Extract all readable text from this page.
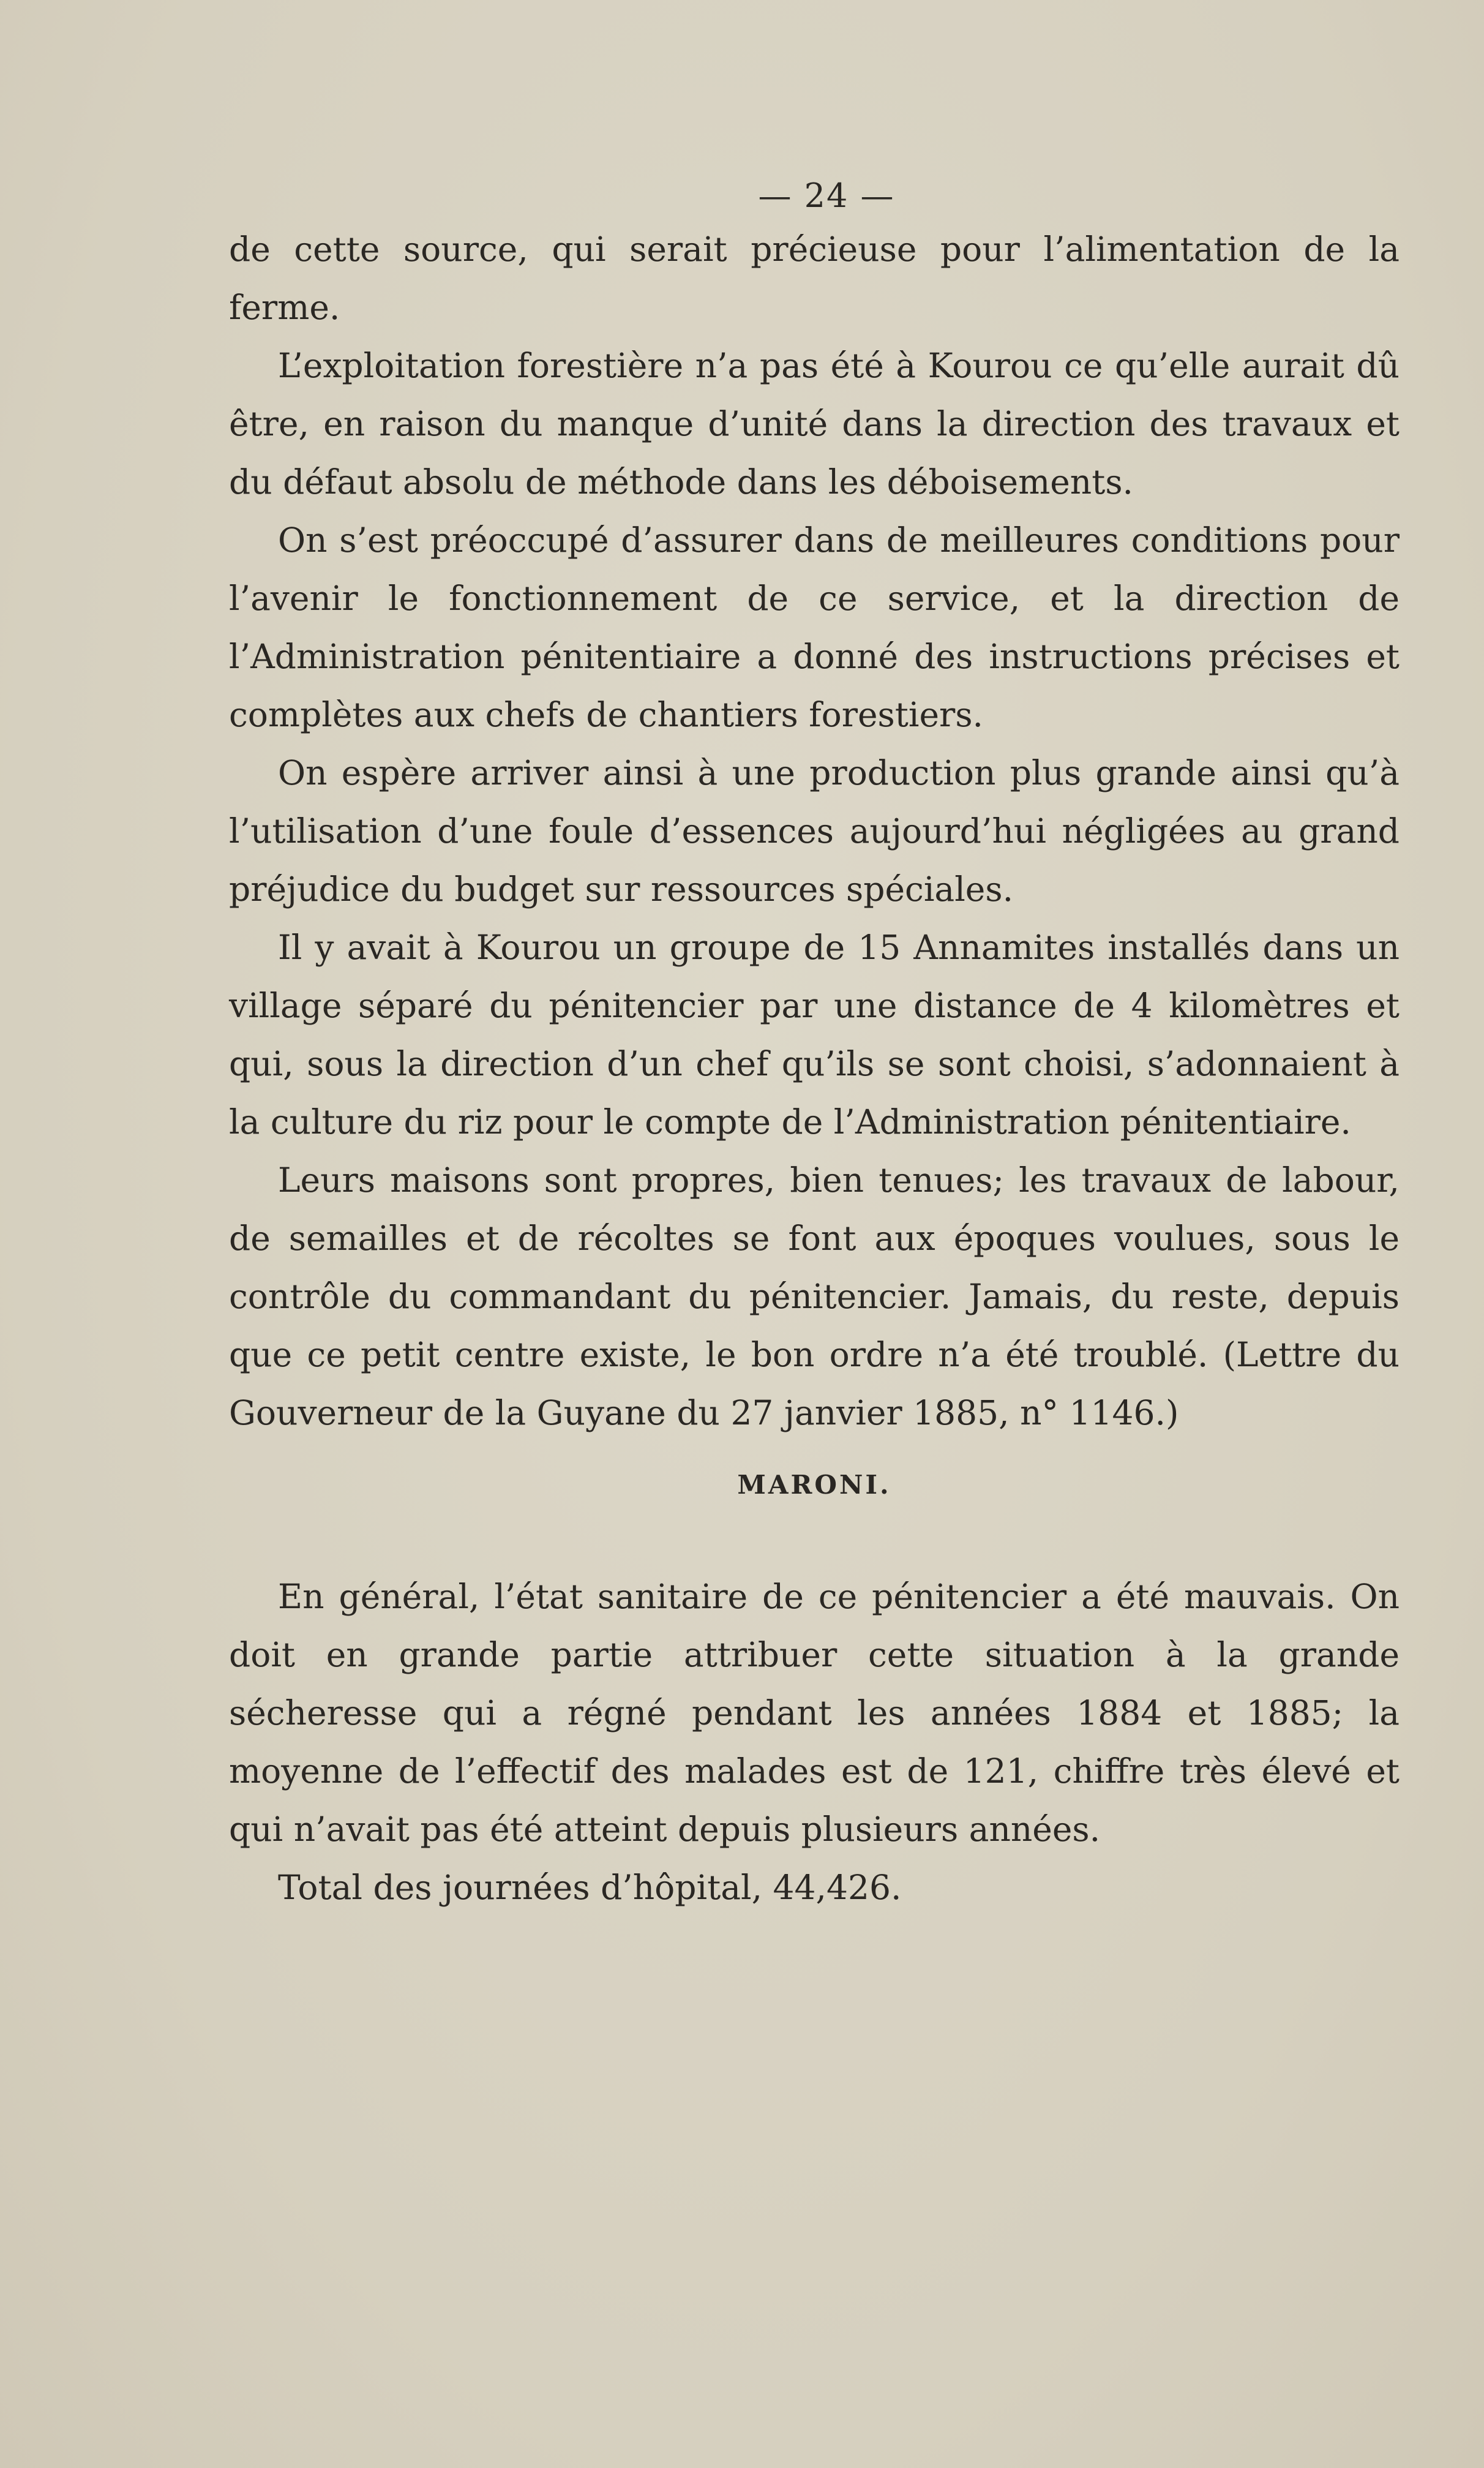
— 24 —

de cette source, qui serait précieuse pour l’alimentation de la ferme.

L’exploitation forestière n’a pas été à Kourou ce qu’elle aurait dû être, en raison du manque d’unité dans la direction des travaux et du défaut absolu de méthode dans les déboisements.

On s’est préoccupé d’assurer dans de meilleures conditions pour l’avenir le fonctionnement de ce service, et la direction de l’Administration pénitentiaire a donné des instructions précises et complètes aux chefs de chantiers forestiers.

On espère arriver ainsi à une production plus grande ainsi qu’à l’utilisation d’une foule d’essences aujourd’hui négligées au grand préjudice du budget sur ressources spéciales.

Il y avait à Kourou un groupe de 15 Annamites installés dans un village séparé du pénitencier par une distance de 4 kilomètres et qui, sous la direction d’un chef qu’ils se sont choisi, s’adonnaient à la culture du riz pour le compte de l’Administration pénitentiaire.

Leurs maisons sont propres, bien tenues; les travaux de labour, de semailles et de récoltes se font aux époques voulues, sous le contrôle du commandant du pénitencier. Jamais, du reste, depuis que ce petit centre existe, le bon ordre n’a été troublé. (Lettre du Gouverneur de la Guyane du 27 janvier 1885, n° 1146.)

MARONI.

En général, l’état sanitaire de ce pénitencier a été mauvais. On doit en grande partie attribuer cette situation à la grande sécheresse qui a régné pendant les années 1884 et 1885; la moyenne de l’effectif des malades est de 121, chiffre très élevé et qui n’avait pas été atteint depuis plusieurs années.

Total des journées d’hôpital, 44,426.
